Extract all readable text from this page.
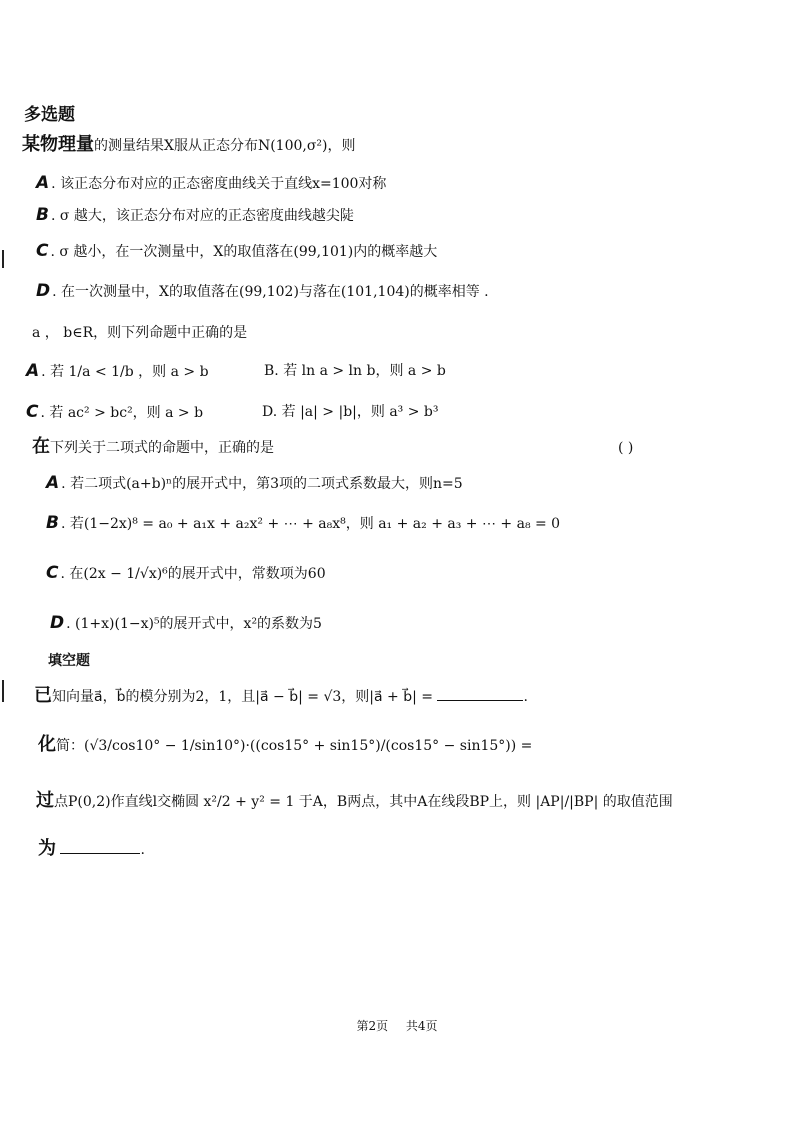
多选题
某物理量的测量结果X服从正态分布N(100,σ²)，则
A . 该正态分布对应的正态密度曲线关于直线x=100对称
B . σ 越大，该正态分布对应的正态密度曲线越尖陡
C . σ 越小，在一次测量中，X的取值落在(99,101)内的概率越大
D . 在一次测量中，X的取值落在(99,102)与落在(101,104)的概率相等 .
a ， b∈R，则下列命题中正确的是
A . 若 1/a < 1/b ，则 a > b	B. 若 ln a > ln b，则 a > b
C . 若 ac² > bc²，则 a > b	D. 若 |a| > |b|，则 a³ > b³
在下列关于二项式的命题中，正确的是	( )
A . 若二项式(a+b)ⁿ的展开式中，第3项的二项式系数最大，则n=5
B . 若(1−2x)⁸ = a₀ + a₁x + a₂x² + ⋯ + a₈x⁸，则 a₁ + a₂ + a₃ + ⋯ + a₈ = 0
C . 在(2x − 1/√x)⁶的展开式中，常数项为60
D . (1+x)(1−x)⁵的展开式中，x²的系数为5
填空题
已知向量a⃗，b⃗的模分别为2，1，且|a⃗ − b⃗| = √3，则|a⃗ + b⃗| =	.
化简：(√3/cos10° − 1/sin10°)·((cos15° + sin15°)/(cos15° − sin15°)) =
过点P(0,2)作直线l交椭圆 x²/2 + y² = 1 于A，B两点，其中A在线段BP上，则 |AP|/|BP| 的取值范围
为	.
第2页 共4页
